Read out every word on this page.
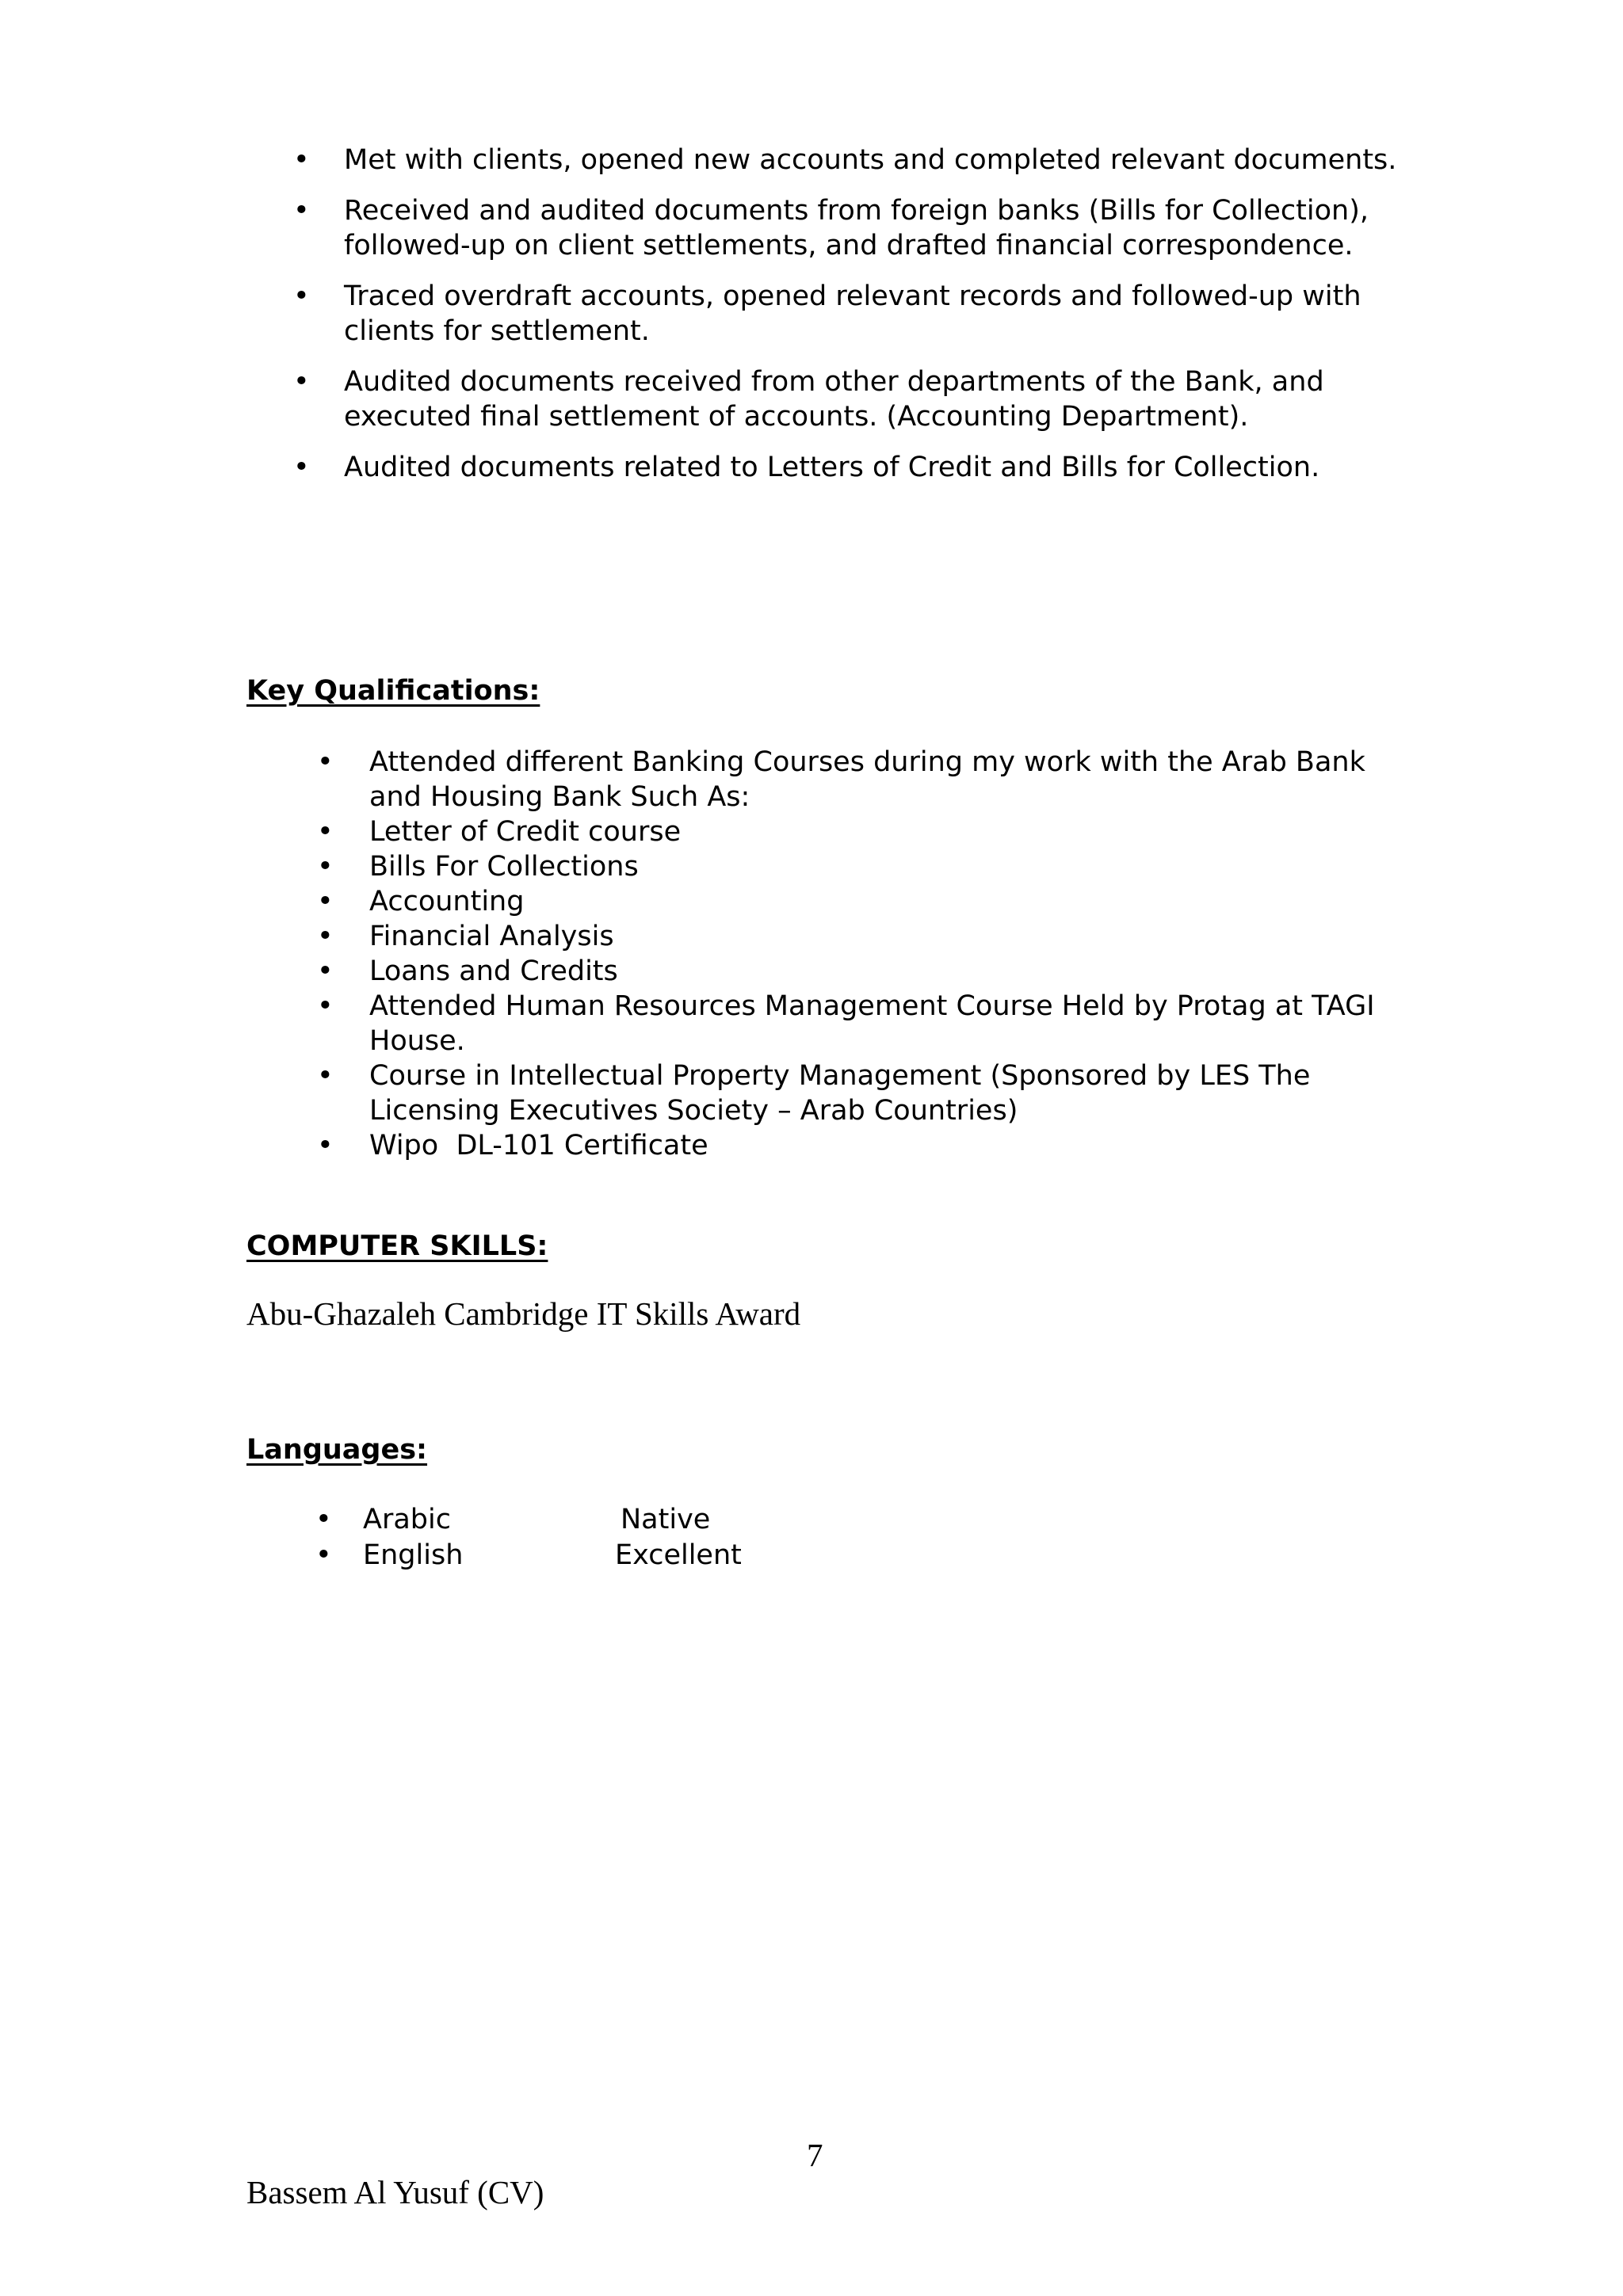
•	Met with clients, opened new accounts and completed relevant documents.
•	Received and audited documents from foreign banks (Bills for Collection), followed-up on client settlements, and drafted financial correspondence.
•	Traced overdraft accounts, opened relevant records and followed-up with clients for settlement.
•	Audited documents received from other departments of the Bank, and executed final settlement of accounts. (Accounting Department).
•	Audited documents related to Letters of Credit and Bills for Collection.
Key Qualifications:
•	Attended different Banking Courses during my work with the Arab Bank and Housing Bank Such As:
•	Letter of Credit course
•	Bills For Collections
•	Accounting
•	Financial Analysis
•	Loans and Credits
•	Attended Human Resources Management Course Held by Protag at TAGI House.
•	Course in Intellectual Property Management (Sponsored by LES The Licensing Executives Society – Arab Countries)
•	Wipo  DL-101 Certificate
COMPUTER SKILLS:

Abu-Ghazaleh Cambridge IT Skills Award

Languages:
•	Arabic	Native
•	English	Excellent

7

Bassem Al Yusuf (CV)
